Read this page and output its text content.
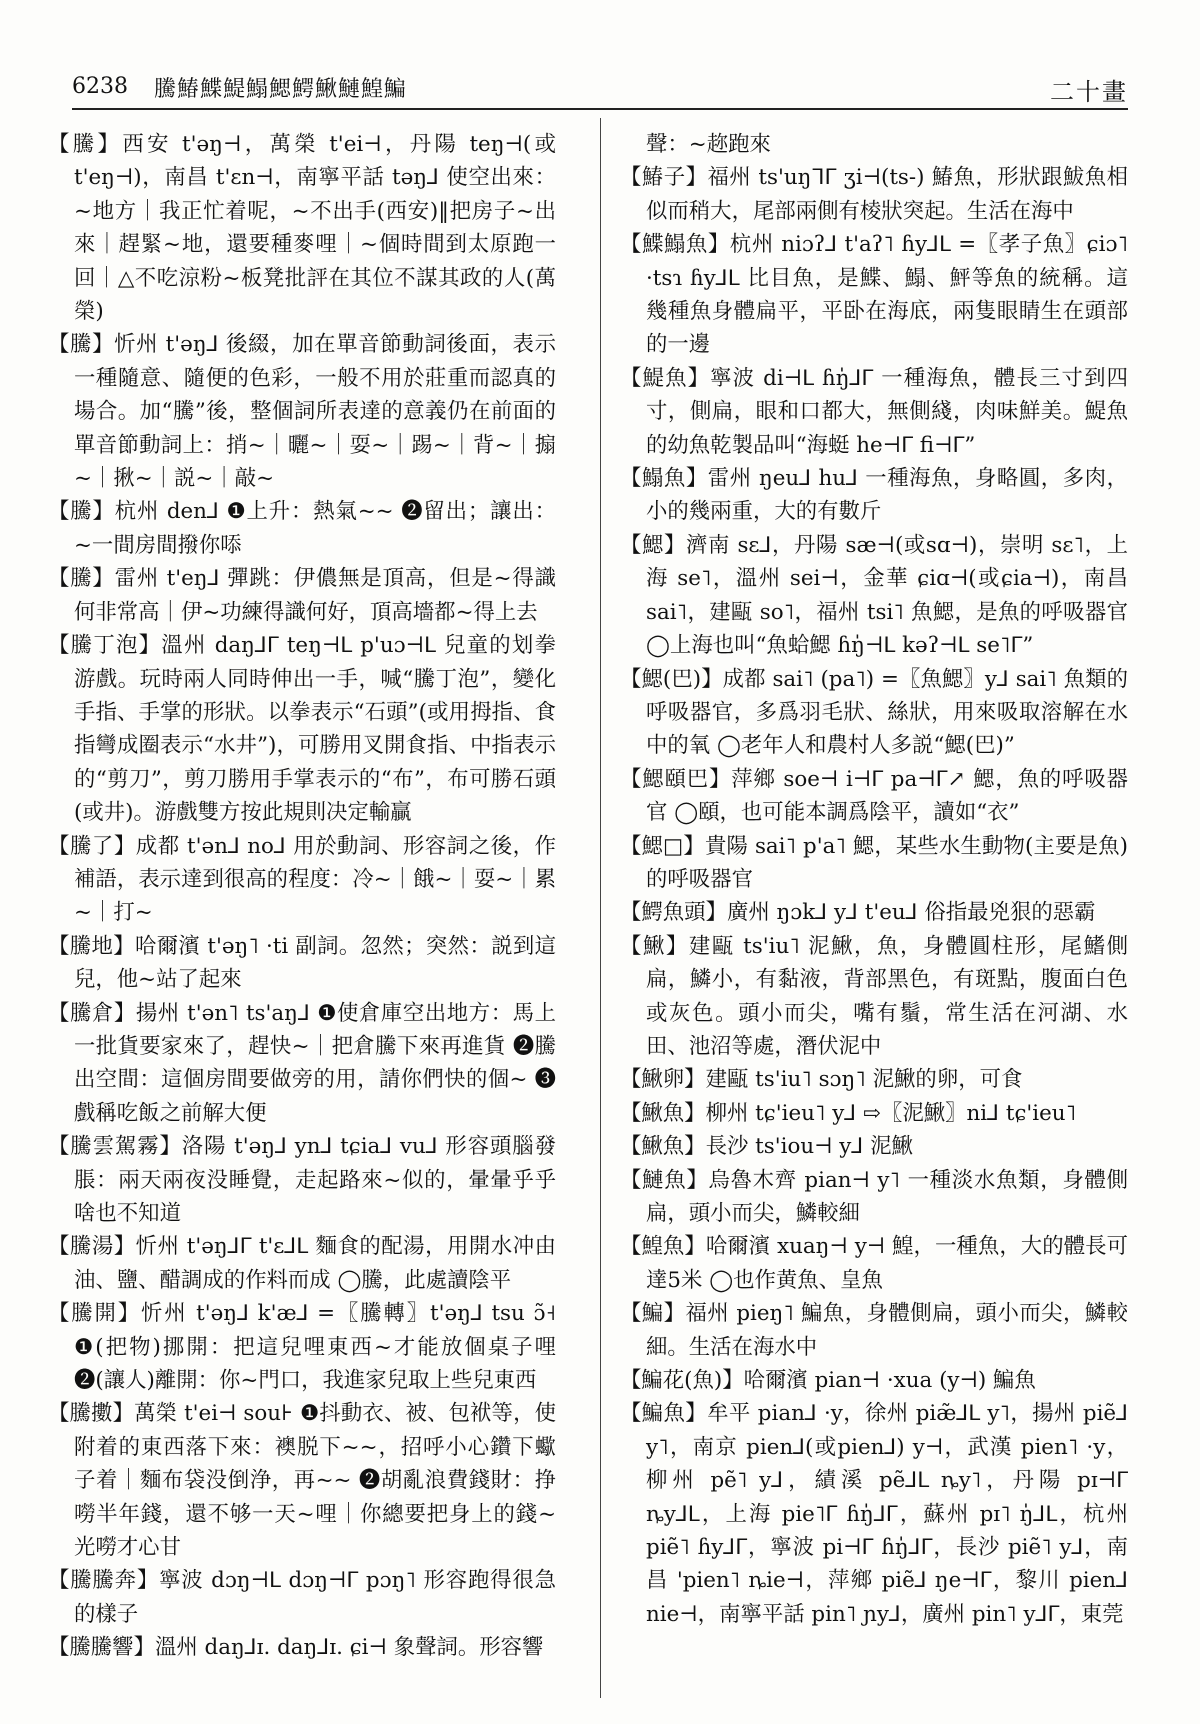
6238 騰鰆鰈鯷鰨鰓鰐鰍鰱鰉鯿	二十畫

【騰】西安 t'əŋ⊣，萬榮 t'ei⊣，丹陽 teŋ⊣(或t'eŋ⊣)，南昌 t'ɛn⊣，南寧平話 təŋ⅃ 使空出來：~地方｜我正忙着呢，~不出手(西安)‖把房子~出來｜趕緊~地，還要種麥哩｜~個時間到太原跑一回｜△不吃涼粉~板凳批評在其位不謀其政的人(萬榮)

【騰】忻州 t'əŋ⅃ 後綴，加在單音節動詞後面，表示一種隨意、隨便的色彩，一般不用於莊重而認真的場合。加“騰”後，整個詞所表達的意義仍在前面的單音節動詞上：捎~｜曬~｜耍~｜踢~｜背~｜搧~｜揪~｜説~｜敲~

【騰】杭州 den⅃ ❶上升：熱氣~~ ❷留出；讓出：~一間房間撥你㖭

【騰】雷州 t'eŋ⅃ 彈跳：伊儂無是頂高，但是~得識何非常高｜伊~功練得識何好，頂高墻都~得上去

【騰丁泡】溫州 daŋ⅃ᒥ teŋ⊣ᒪ p'uɔ⊣ᒪ 兒童的划拳游戲。玩時兩人同時伸出一手，喊“騰丁泡”，變化手指、手掌的形狀。以拳表示“石頭”(或用拇指、食指彎成圈表示“水井”)，可勝用叉開食指、中指表示的“剪刀”，剪刀勝用手掌表示的“布”，布可勝石頭(或井)。游戲雙方按此規則决定輸贏

【騰了】成都 t'ən⅃ no⅃ 用於動詞、形容詞之後，作補語，表示達到很高的程度：冷~｜餓~｜耍~｜累~｜打~

【騰地】哈爾濱 t'əŋ˥ ·ti 副詞。忽然；突然：説到這兒，他~站了起來

【騰倉】揚州 t'ən˥ ts'aŋ⅃ ❶使倉庫空出地方：馬上一批貨要家來了，趕快~｜把倉騰下來再進貨 ❷騰出空間：這個房間要做旁的用，請你們快的個~ ❸戲稱吃飯之前解大便

【騰雲駕霧】洛陽 t'əŋ⅃ yn⅃ tɕia⅃ vu⅃ 形容頭腦發脹：兩天兩夜没睡覺，走起路來~似的，暈暈乎乎啥也不知道

【騰湯】忻州 t'əŋ⅃ᒥ t'ɛ⅃ᒪ 麵食的配湯，用開水冲由油、鹽、醋調成的作料而成 ◯騰，此處讀陰平

【騰開】忻州 t'əŋ⅃ k'æ⅃ =〖騰轉〗t'əŋ⅃ tsu ɔ̃˧ ❶(把物)挪開：把這兒哩東西~才能放個桌子哩 ❷(讓人)離開：你~門口，我進家兒取上些兒東西

【騰擻】萬榮 t'ei⊣ sou⊦ ❶抖動衣、被、包袱等，使附着的東西落下來：襖脱下~~，招呼小心鑽下蠍子着｜麵布袋没倒浄，再~~ ❷胡亂浪費錢財：挣嘮半年錢，還不够一天~哩｜你總要把身上的錢~光嘮才心甘

【騰騰奔】寧波 dɔŋ⊣ᒪ dɔŋ⊣ᒥ pɔŋ˥ 形容跑得很急的樣子

【騰騰響】溫州 daŋ⅃ɪ. daŋ⅃ɪ. ɕi⊣ 象聲詞。形容響

聲：~趂跑來

【鰆子】福州 ts'uŋᒣᒥ ʒi⊣(ts-) 鰆魚，形狀跟鮁魚相似而稍大，尾部兩側有棱狀突起。生活在海中

【鰈鰨魚】杭州 niɔʔ⅃ t'aʔ˥ ɦy⅃ᒪ =〖孝子魚〗ɕiɔ˥ ·tsɿ ɦy⅃ᒪ 比目魚，是鰈、鰨、鮃等魚的統稱。這幾種魚身體扁平，平卧在海底，兩隻眼睛生在頭部的一邊

【鯷魚】寧波 di⊣ᒪ ɦŋ̍⅃ᒥ 一種海魚，體長三寸到四寸，側扁，眼和口都大，無側綫，肉味鮮美。鯷魚的幼魚乾製品叫“海蜓 he⊣ᒥ fi⊣ᒥ”

【鰨魚】雷州 ŋeu⅃ hu⅃ 一種海魚，身略圓，多肉，小的幾兩重，大的有數斤

【鰓】濟南 sɛ⅃，丹陽 sæ⊣(或sɑ⊣)，崇明 sɛ˥，上海 se˥，溫州 sei⊣，金華 ɕiɑ⊣(或ɕia⊣)，南昌 sai˥，建甌 so˥，福州 tsi˥ 魚鰓，是魚的呼吸器官 ◯上海也叫“魚蛤鰓 ɦŋ̍⊣ᒪ kəʔ⊣ᒪ se˥ᒥ”

【鰓(巴)】成都 sai˥ (pa˥) =〖魚鰓〗y⅃ sai˥ 魚類的呼吸器官，多爲羽毛狀、絲狀，用來吸取溶解在水中的氧 ◯老年人和農村人多説“鰓(巴)”

【鰓頤巴】萍鄉 soe⊣ i⊣ᒥ pa⊣ᒥ↗ 鰓，魚的呼吸器官 ◯頤，也可能本調爲陰平，讀如“衣”

【鰓□】貴陽 sai˥ p'a˥ 鰓，某些水生動物(主要是魚)的呼吸器官

【鰐魚頭】廣州 ŋɔk⅃ y⅃ t'eu⅃ 俗指最兇狠的惡霸

【鰍】建甌 ts'iu˥ 泥鰍，魚，身體圓柱形，尾鰭側扁，鱗小，有黏液，背部黑色，有斑點，腹面白色或灰色。頭小而尖，嘴有鬚，常生活在河湖、水田、池沼等處，潛伏泥中

【鰍卵】建甌 ts'iu˥ sɔŋ˥ 泥鰍的卵，可食

【鰍魚】柳州 tɕ'ieu˥ y⅃ ⇨〖泥鰍〗ni⅃ tɕ'ieu˥

【鰍魚】長沙 ts'iou⊣ y⅃ 泥鰍

【鰱魚】烏魯木齊 pian⊣ y˥ 一種淡水魚類，身體側扁，頭小而尖，鱗較細

【鰉魚】哈爾濱 xuaŋ⊣ y⊣ 鰉，一種魚，大的體長可達5米 ◯也作黄魚、皇魚

【鯿】福州 pieŋ˥ 鯿魚，身體側扁，頭小而尖，鱗較細。生活在海水中

【鯿花(魚)】哈爾濱 pian⊣ ·xua (y⊣) 鯿魚

【鯿魚】牟平 pian⅃ ·y，徐州 piæ̃⅃ᒪ y˥，揚州 piẽ⅃ y˥，南京 pien⅃(或pien⅃) y⊣，武漢 pien˥ ·y，柳州 pẽ˥ y⅃，績溪 pẽ⅃ᒪ ȵy˥，丹陽 pɪ⊣ᒥ ȵy⅃ᒪ，上海 pie˥ᒥ ɦŋ̍⅃ᒥ，蘇州 pɪ˥ ŋ̍⅃ᒪ，杭州 piẽ˥ ɦy⅃ᒥ，寧波 pi⊣ᒥ ɦŋ̍⅃ᒥ，長沙 piẽ˥ y⅃，南昌 'pien˥ ȵie⊣，萍鄉 piẽ⅃ ŋe⊣ᒥ，黎川 pien⅃ nie⊣，南寧平話 pin˥ ɲy⅃，廣州 pin˥ y⅃ᒥ，東莞
